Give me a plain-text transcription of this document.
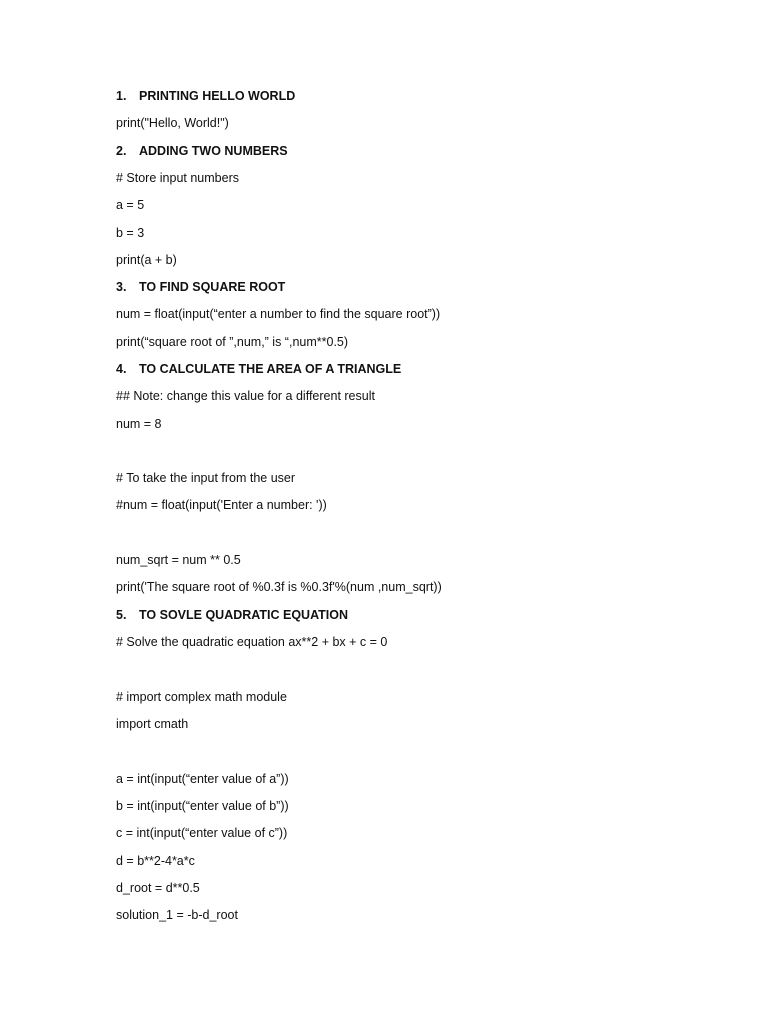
1. PRINTING HELLO WORLD
print("Hello, World!")
2. ADDING TWO NUMBERS
# Store input numbers
a = 5
b = 3
print(a + b)
3. TO FIND SQUARE ROOT
num = float(input(“enter a number to find the square root”))
print(“square root of ”,num,” is “,num**0.5)
4. TO CALCULATE THE AREA OF A TRIANGLE
## Note: change this value for a different result
num = 8
# To take the input from the user
#num = float(input('Enter a number: '))
num_sqrt = num ** 0.5
print('The square root of %0.3f is %0.3f'%(num ,num_sqrt))
5. TO SOVLE QUADRATIC EQUATION
# Solve the quadratic equation ax**2 + bx + c = 0
# import complex math module
import cmath
a = int(input(“enter value of a”))
b = int(input(“enter value of b”))
c = int(input(“enter value of c”))
d = b**2-4*a*c
d_root = d**0.5
solution_1 = -b-d_root
